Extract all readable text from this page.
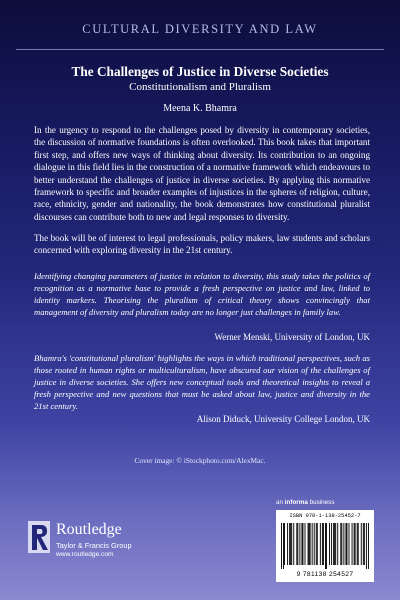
CULTURAL DIVERSITY AND LAW
The Challenges of Justice in Diverse Societies
Constitutionalism and Pluralism
Meena K. Bhamra
In the urgency to respond to the challenges posed by diversity in contemporary societies, the discussion of normative foundations is often overlooked. This book takes that important first step, and offers new ways of thinking about diversity. Its contribution to an ongoing dialogue in this field lies in the construction of a normative framework which endeavours to better understand the challenges of justice in diverse societies. By applying this normative framework to specific and broader examples of injustices in the spheres of religion, culture, race, ethnicity, gender and nationality, the book demonstrates how constitutional pluralist discourses can contribute both to new and legal responses to diversity.
The book will be of interest to legal professionals, policy makers, law students and scholars concerned with exploring diversity in the 21st century.
Identifying changing parameters of justice in relation to diversity, this study takes the politics of recognition as a normative base to provide a fresh perspective on justice and law, linked to identity markers. Theorising the pluralism of critical theory shows convincingly that management of diversity and pluralism today are no longer just challenges in family law.
Werner Menski, University of London, UK
Bhamra's 'constitutional pluralism' highlights the ways in which traditional perspectives, such as those rooted in human rights or multiculturalism, have obscured our vision of the challenges of justice in diverse societies. She offers new conceptual tools and theoretical insights to reveal a fresh perspective and new questions that must be asked about law, justice and diversity in the 21st century.
Alison Diduck, University College London, UK
Cover image: © iStockphoto.com/AlexMac.
an informa business
Routledge
Taylor & Francis Group
www.routledge.com
ISBN 978-1-138-25452-7
9 781138 254527
